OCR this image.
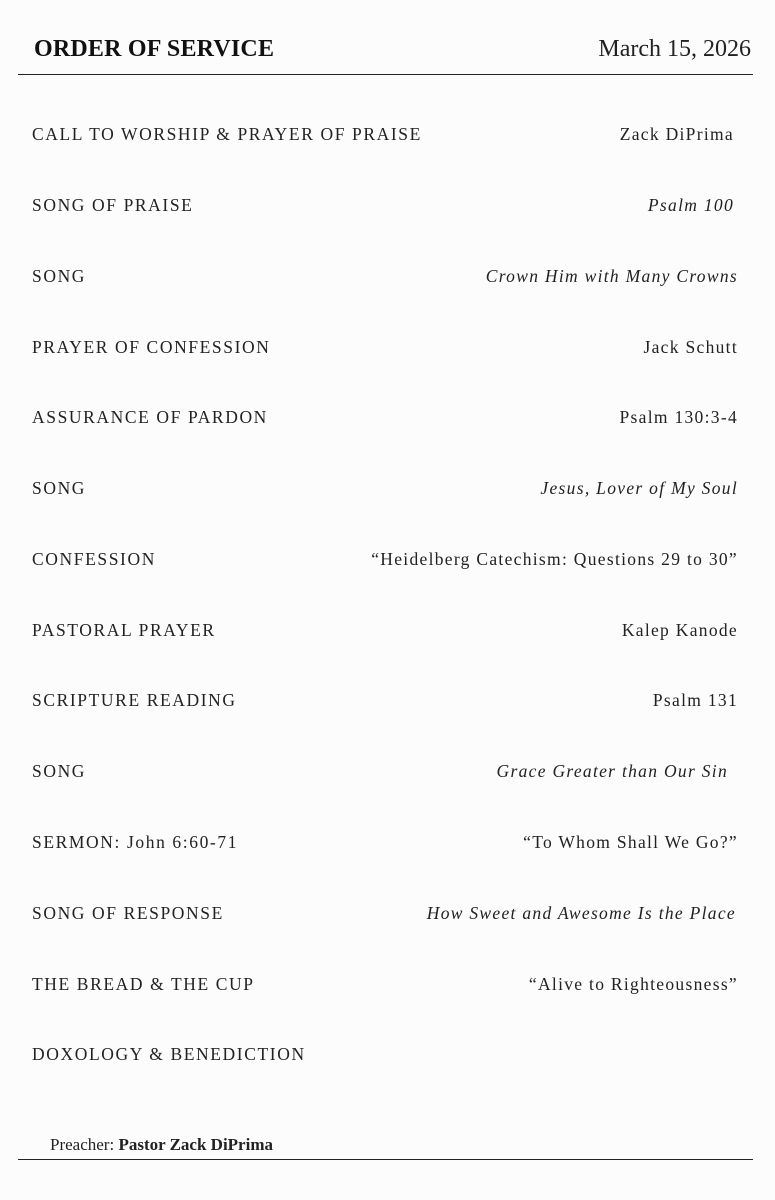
ORDER OF SERVICE	March 15, 2026
CALL TO WORSHIP & PRAYER OF PRAISE	Zack DiPrima
SONG OF PRAISE	Psalm 100
SONG	Crown Him with Many Crowns
PRAYER OF CONFESSION	Jack Schutt
ASSURANCE OF PARDON	Psalm 130:3-4
SONG	Jesus, Lover of My Soul
CONFESSION	“Heidelberg Catechism: Questions 29 to 30”
PASTORAL PRAYER	Kalep Kanode
SCRIPTURE READING	Psalm 131
SONG	Grace Greater than Our Sin
SERMON: John 6:60-71	“To Whom Shall We Go?”
SONG OF RESPONSE	How Sweet and Awesome Is the Place
THE BREAD & THE CUP	“Alive to Righteousness”
DOXOLOGY & BENEDICTION
Preacher: Pastor Zack DiPrima
